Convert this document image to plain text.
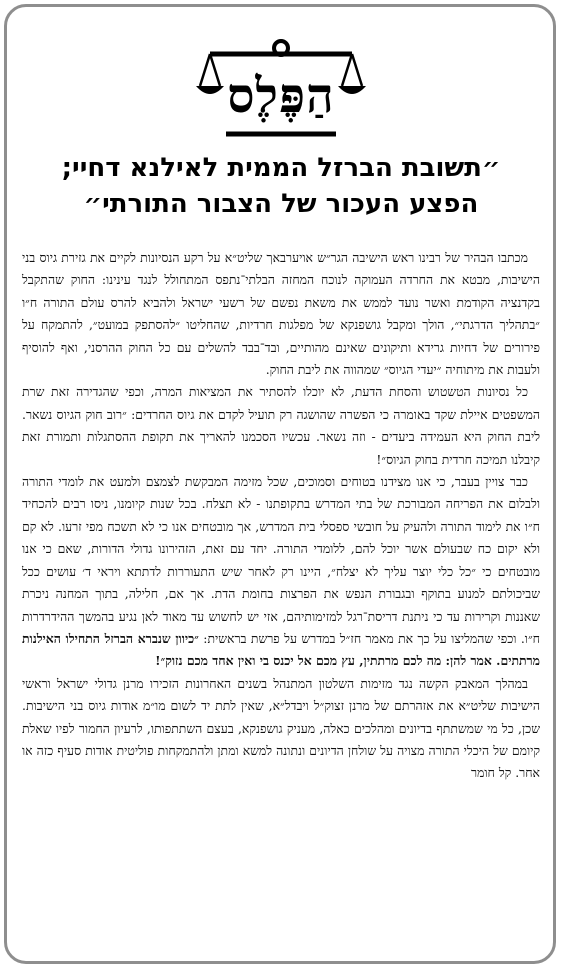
הַפֶּלֶס
״תשובת הברזל הממית לאילנא דחיי;
הפצע העכור של הצבור התורתי״

מכתבו הבהיר של רבינו ראש הישיבה הגר״ש אויערבאך שליט״א על רקע הנסיונות לקיים את גזירת גיוס בני הישיבות, מבטא את החרדה העמוקה לנוכח המחזה הבלתי־נתפס המתחולל לנגד עינינו: החוק שהתקבל בקדנציה הקודמת ואשר נועד לממש את משאת נפשם של רשעי ישראל ולהביא להרס עולם התורה ח״ו ״בתהליך הדרגתי״, הולך ומקבל גושפנקא של מפלגות חרדיות, שהחליטו ״להסתפק במועט״, להתמקח על פירורים של דחיות גרידא ותיקונים שאינם מהותיים, ובד־בבד להשלים עם כל החוק ההרסני, ואף להוסיף ולעבות את מיתוחיה ״יעדי הגיוס״ שמהווה את ליבת החוק.

כל נסיונות הטשטוש והסחת הדעת, לא יוכלו להסתיר את המציאות המרה, וכפי שהגדירה זאת שרת המשפטים איילת שקד באומרה כי הפשרה שהושגה רק תועיל לקדם את גיוס החרדים: ״רוב חוק הגיוס נשאר. ליבת החוק היא העמידה ביעדים - וזה נשאר. עכשיו הסכמנו להאריך את תקופת ההסתגלות ותמורת זאת קיבלנו תמיכה חרדית בחוק הגיוס״!

כבר צויין בעבר, כי אנו מצידנו בטוחים וסמוכים, שכל מזימה המבקשת לצמצם ולמעט את לומדי התורה ולבלום את הפריחה המבורכת של בתי המדרש בתקופתנו - לא תצלח. בכל שנות קיומנו, ניסו רבים להכחיד ח״ו את לימוד התורה ולהעיק על חובשי ספסלי בית המדרש, אך מובטחים אנו כי לא תשכח מפי זרעו. לא קם ולא יקום כח שבעולם אשר יוכל להם, ללומדי התורה. יחד עם זאת, הזהירונו גדולי הדורות, שאם כי אנו מובטחים כי ״כל כלי יוצר עליך לא יצלח״, היינו רק לאחר שיש התעוררות לדתתא ויראי ד׳ עושים ככל שביכולתם למנוע בתוקף ובגבורת הנפש את הפרצות בחומת הדת. אך אם, חלילה, בתוך המחנה ניכרת שאננות וקרירות עד כי ניתנת דריסת־רגל למזימותיהם, אזי יש לחשוש עד מאוד לאן נגיע בהמשך ההידרדרות ח״ו. וכפי שהמליצו על כך את מאמר חז״ל במדרש על פרשת בראשית: ״כיוון שנברא הברזל התחילו האילנות מרתתים. אמר להן: מה לכם מרתתין, עץ מכם אל יכנס בי ואין אחד מכם נזוק״!

במהלך המאבק הקשה נגד מזימות השלטון המתנהל בשנים האחרונות הזכירו מרנן גדולי ישראל וראשי הישיבות שליט״א את אזהרתם של מרנן זצוק״ל ויבדל״א, שאין לתת יד לשום מו״מ אודות גיוס בני הישיבות. שכן, כל מי שמשתתף בדיונים ומהלכים כאלה, מעניק גושפנקא, בעצם השתתפותו, לרעיון החמור לפיו שאלת קיומם של היכלי התורה מצויה על שולחן הדיונים ונתונה למשא ומתן ולהתמקחות פוליטית אודות סעיף כזה או אחר. קל חומר
